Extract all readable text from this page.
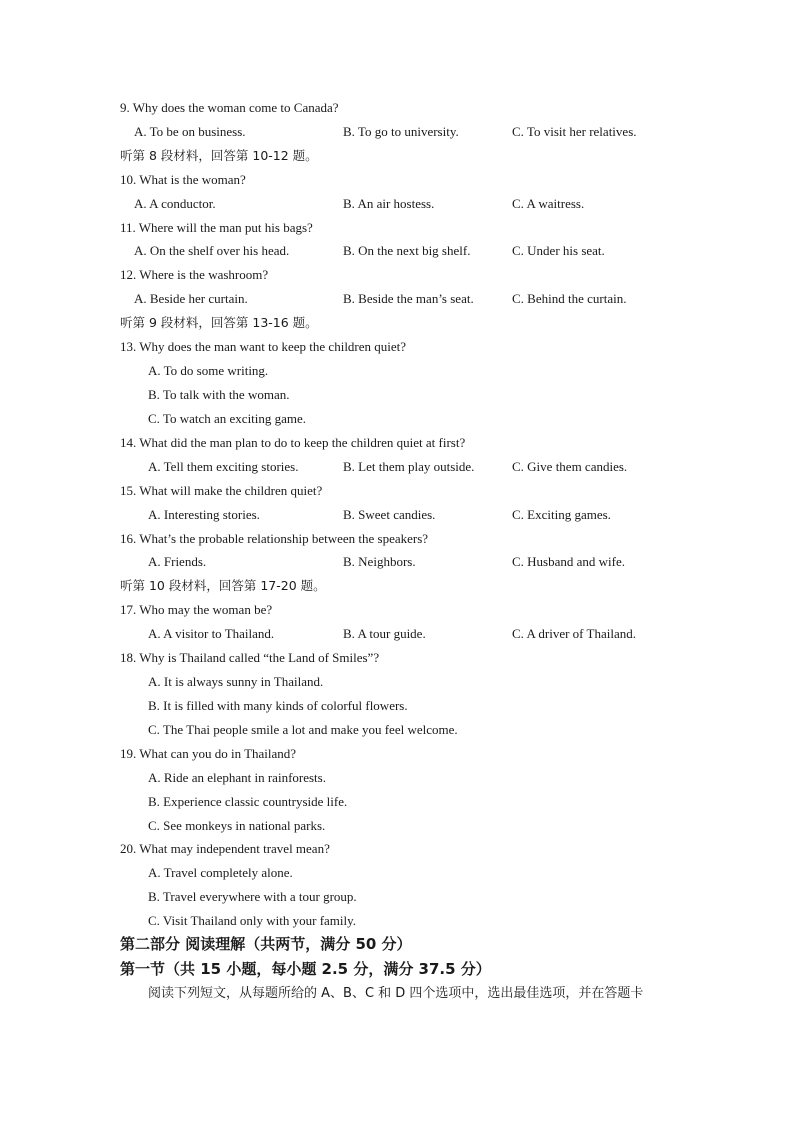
9. Why does the woman come to Canada?
A. To be on business.	B. To go to university.	C. To visit her relatives.
听第 8 段材料，回答第 10-12 题。
10. What is the woman?
A. A conductor.	B. An air hostess.	C. A waitress.
11. Where will the man put his bags?
A. On the shelf over his head.	B. On the next big shelf.	C. Under his seat.
12. Where is the washroom?
A. Beside her curtain.	B. Beside the man’s seat.	C. Behind the curtain.
听第 9 段材料，回答第 13-16 题。
13. Why does the man want to keep the children quiet?
A. To do some writing.
B. To talk with the woman.
C. To watch an exciting game.
14. What did the man plan to do to keep the children quiet at first?
A. Tell them exciting stories.	B. Let them play outside.	C. Give them candies.
15. What will make the children quiet?
A. Interesting stories.	B. Sweet candies.	C. Exciting games.
16. What’s the probable relationship between the speakers?
A. Friends.	B. Neighbors.	C. Husband and wife.
听第 10 段材料，回答第 17-20 题。
17. Who may the woman be?
A. A visitor to Thailand.	B. A tour guide.	C. A driver of Thailand.
18. Why is Thailand called “the Land of Smiles”?
A. It is always sunny in Thailand.
B. It is filled with many kinds of colorful flowers.
C. The Thai people smile a lot and make you feel welcome.
19. What can you do in Thailand?
A. Ride an elephant in rainforests.
B. Experience classic countryside life.
C. See monkeys in national parks.
20. What may independent travel mean?
A. Travel completely alone.
B. Travel everywhere with a tour group.
C. Visit Thailand only with your family.
第二部分 阅读理解（共两节，满分 50 分）
第一节（共 15 小题，每小题 2.5 分，满分 37.5 分）
阅读下列短文，从每题所给的 A、B、C 和 D 四个选项中，选出最佳选项，并在答题卡
